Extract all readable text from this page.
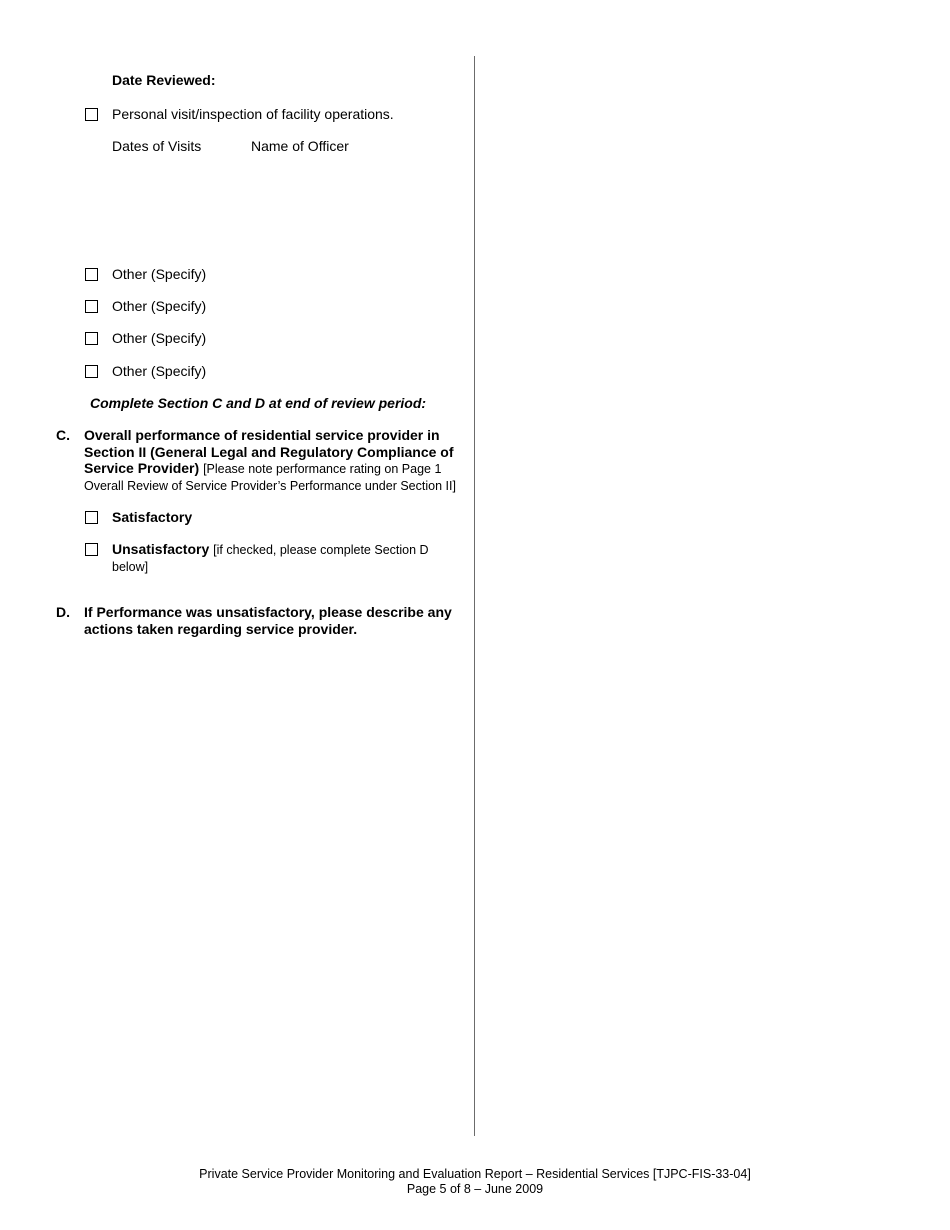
Date Reviewed:
Personal visit/inspection of facility operations.
Dates of Visits	Name of Officer
Other (Specify)
Other (Specify)
Other (Specify)
Other (Specify)
Complete Section C and D at end of review period:
C. Overall performance of residential service provider in Section II (General Legal and Regulatory Compliance of Service Provider) [Please note performance rating on Page 1 Overall Review of Service Provider’s Performance under Section II]
Satisfactory
Unsatisfactory [if checked, please complete Section D below]
D. If Performance was unsatisfactory, please describe any actions taken regarding service provider.
Private Service Provider Monitoring and Evaluation Report – Residential Services [TJPC-FIS-33-04]
Page 5 of 8 – June 2009
